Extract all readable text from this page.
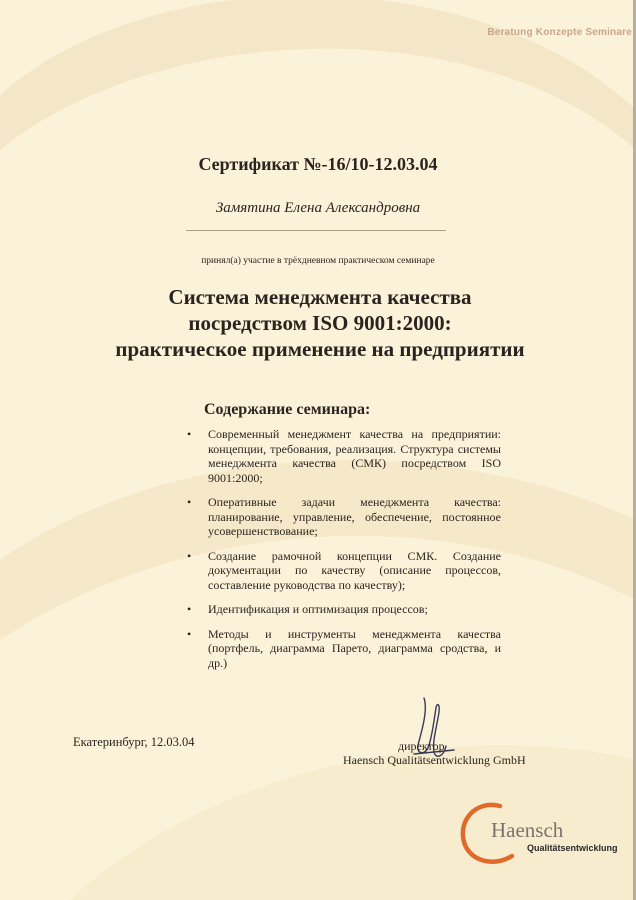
Beratung Konzepte Seminare
Сертификат №-16/10-12.03.04
Замятина Елена Александровна
принял(а) участие в трёхдневном практическом семинаре
Система менеджмента качества
посредством ISO 9001:2000:
практическое применение на предприятии
Содержание семинара:
• Современный менеджмент качества на предприятии: концепции, требования, реализация. Структура системы менеджмента качества (СМК) посредством ISO 9001:2000;
• Оперативные задачи менеджмента качества: планирование, управление, обеспечение, постоянное усовершенствование;
• Создание рамочной концепции СМК. Создание документации по качеству (описание процессов, составление руководства по качеству);
• Идентификация и оптимизация процессов;
• Методы и инструменты менеджмента качества (портфель, диаграмма Парето, диаграмма сродства, и др.)
Екатеринбург, 12.03.04	директор
Haensch Qualitätsentwicklung GmbH
Haensch
Qualitätsentwicklung
